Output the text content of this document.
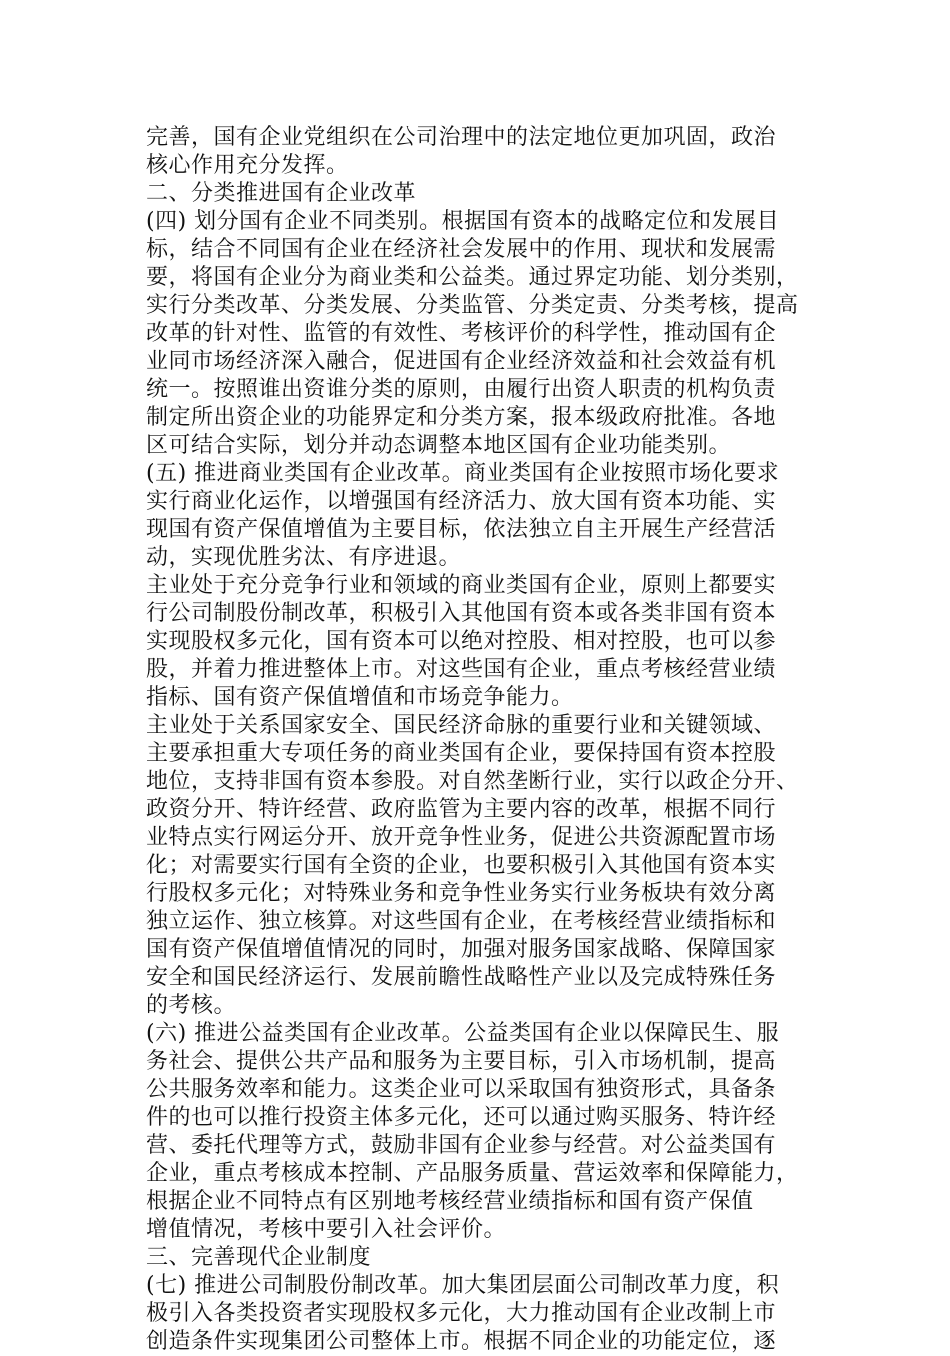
完善，国有企业党组织在公司治理中的法定地位更加巩固，政治
核心作用充分发挥。
二、分类推进国有企业改革
(四) 划分国有企业不同类别。根据国有资本的战略定位和发展目
标，结合不同国有企业在经济社会发展中的作用、现状和发展需
要，将国有企业分为商业类和公益类。通过界定功能、划分类别，
实行分类改革、分类发展、分类监管、分类定责、分类考核，提高
改革的针对性、监管的有效性、考核评价的科学性，推动国有企
业同市场经济深入融合，促进国有企业经济效益和社会效益有机
统一。按照谁出资谁分类的原则，由履行出资人职责的机构负责
制定所出资企业的功能界定和分类方案，报本级政府批准。各地
区可结合实际，划分并动态调整本地区国有企业功能类别。
(五) 推进商业类国有企业改革。商业类国有企业按照市场化要求
实行商业化运作，以增强国有经济活力、放大国有资本功能、实
现国有资产保值增值为主要目标，依法独立自主开展生产经营活
动，实现优胜劣汰、有序进退。
主业处于充分竞争行业和领域的商业类国有企业，原则上都要实
行公司制股份制改革，积极引入其他国有资本或各类非国有资本
实现股权多元化，国有资本可以绝对控股、相对控股，也可以参
股，并着力推进整体上市。对这些国有企业，重点考核经营业绩
指标、国有资产保值增值和市场竞争能力。
主业处于关系国家安全、国民经济命脉的重要行业和关键领域、
主要承担重大专项任务的商业类国有企业，要保持国有资本控股
地位，支持非国有资本参股。对自然垄断行业，实行以政企分开、
政资分开、特许经营、政府监管为主要内容的改革，根据不同行
业特点实行网运分开、放开竞争性业务，促进公共资源配置市场
化；对需要实行国有全资的企业，也要积极引入其他国有资本实
行股权多元化；对特殊业务和竞争性业务实行业务板块有效分离
独立运作、独立核算。对这些国有企业，在考核经营业绩指标和
国有资产保值增值情况的同时，加强对服务国家战略、保障国家
安全和国民经济运行、发展前瞻性战略性产业以及完成特殊任务
的考核。
(六) 推进公益类国有企业改革。公益类国有企业以保障民生、服
务社会、提供公共产品和服务为主要目标，引入市场机制，提高
公共服务效率和能力。这类企业可以采取国有独资形式，具备条
件的也可以推行投资主体多元化，还可以通过购买服务、特许经
营、委托代理等方式，鼓励非国有企业参与经营。对公益类国有
企业，重点考核成本控制、产品服务质量、营运效率和保障能力，
根据企业不同特点有区别地考核经营业绩指标和国有资产保值
增值情况，考核中要引入社会评价。
三、完善现代企业制度
(七) 推进公司制股份制改革。加大集团层面公司制改革力度，积
极引入各类投资者实现股权多元化，大力推动国有企业改制上市
创造条件实现集团公司整体上市。根据不同企业的功能定位，逐
